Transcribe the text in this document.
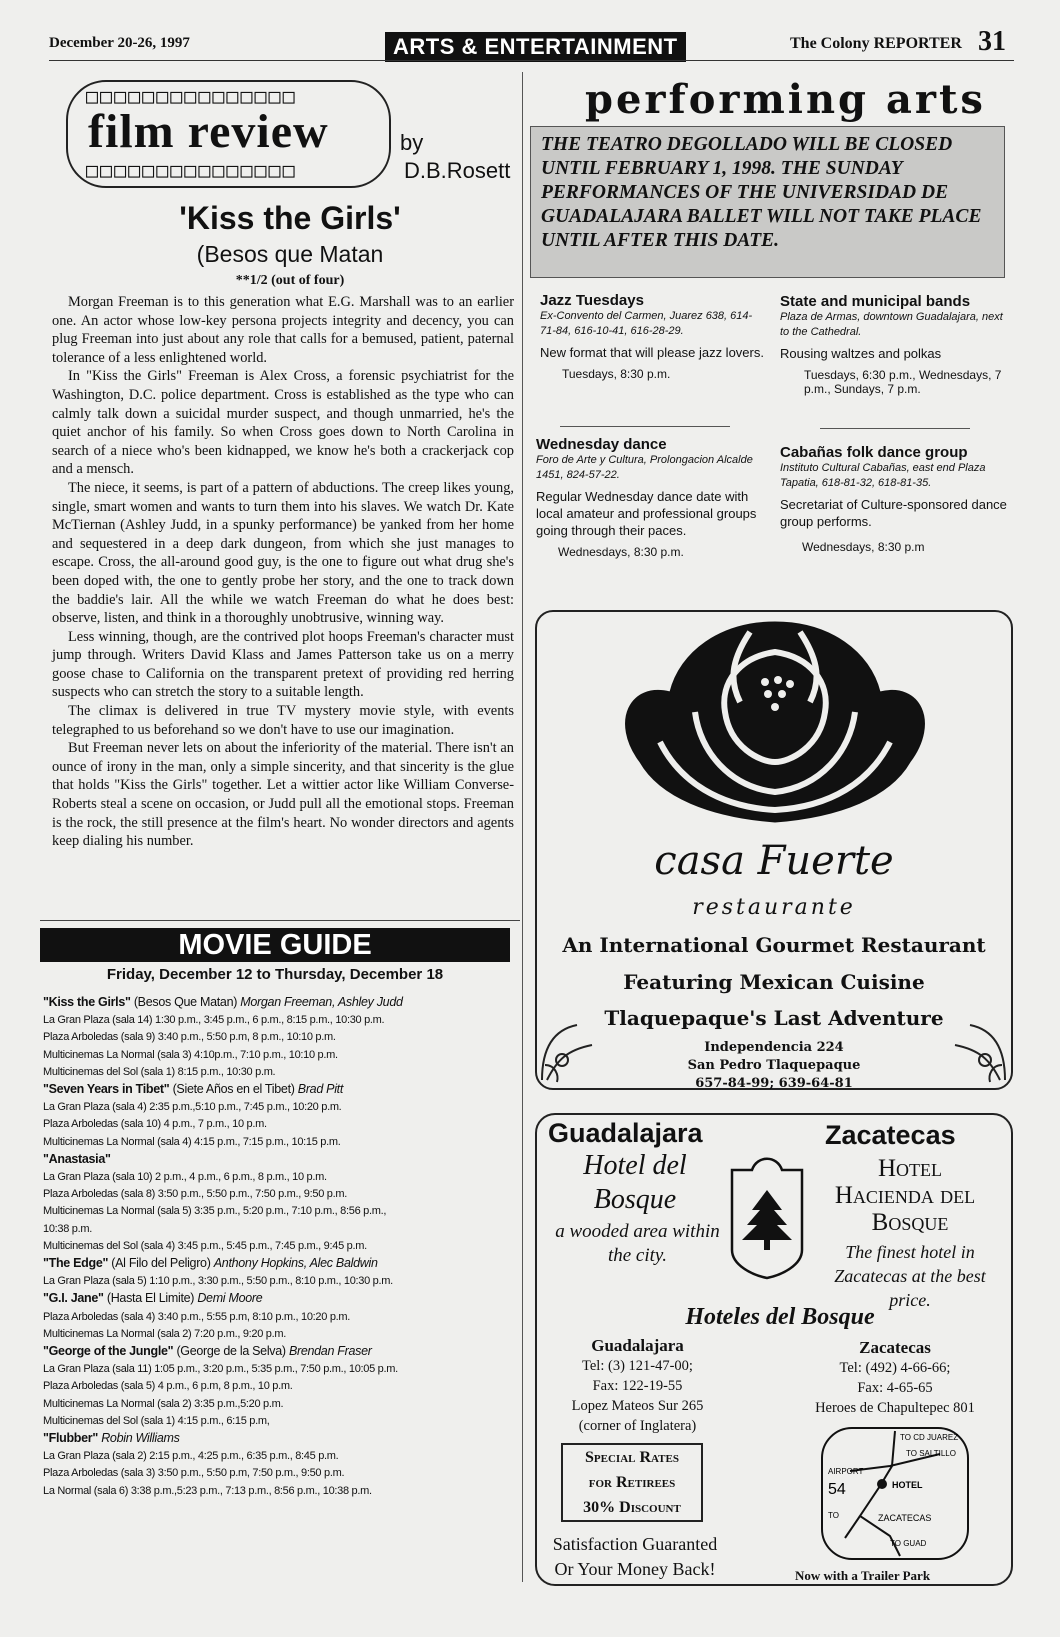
December 20-26, 1997	ARTS & ENTERTAINMENT	The Colony REPORTER 31
□□□□□□□□□□□□□□□
film review
□□□□□□□□□□□□□□□
by
D.B.Rosett
'Kiss the Girls'
(Besos que Matan
**1/2 (out of four)

Morgan Freeman is to this generation what E.G. Marshall was to an earlier one. An actor whose low-key persona projects integrity and decency, you can plug Freeman into just about any role that calls for a bemused, patient, paternal tolerance of a less enlightened world.

In "Kiss the Girls" Freeman is Alex Cross, a forensic psychiatrist for the Washington, D.C. police department. Cross is established as the type who can calmly talk down a suicidal murder suspect, and though unmarried, he's the quiet anchor of his family. So when Cross goes down to North Carolina in search of a niece who's been kidnapped, we know he's both a crackerjack cop and a mensch.

The niece, it seems, is part of a pattern of abductions. The creep likes young, single, smart women and wants to turn them into his slaves. We watch Dr. Kate McTiernan (Ashley Judd, in a spunky performance) be yanked from her home and sequestered in a deep dark dungeon, from which she just manages to escape. Cross, the all-around good guy, is the one to figure out what drug she's been doped with, the one to gently probe her story, and the one to track down the baddie's lair. All the while we watch Freeman do what he does best: observe, listen, and think in a thoroughly unobtrusive, winning way.

Less winning, though, are the contrived plot hoops Freeman's character must jump through. Writers David Klass and James Patterson take us on a merry goose chase to California on the transparent pretext of providing red herring suspects who can stretch the story to a suitable length.

The climax is delivered in true TV mystery movie style, with events telegraphed to us beforehand so we don't have to use our imagination.

But Freeman never lets on about the inferiority of the material. There isn't an ounce of irony in the man, only a simple sincerity, and that sincerity is the glue that holds "Kiss the Girls" together. Let a wittier actor like William Converse-Roberts steal a scene on occasion, or Judd pull all the emotional stops. Freeman is the rock, the still presence at the film's heart. No wonder directors and agents keep dialing his number.

MOVIE GUIDE
Friday, December 12 to Thursday, December 18
"Kiss the Girls" (Besos Que Matan) Morgan Freeman, Ashley Judd
La Gran Plaza (sala 14) 1:30 p.m., 3:45 p.m., 6 p.m., 8:15 p.m., 10:30 p.m.
Plaza Arboledas (sala 9) 3:40 p.m., 5:50 p.m, 8 p.m., 10:10 p.m.
Multicinemas La Normal (sala 3) 4:10p.m., 7:10 p.m., 10:10 p.m.
Multicinemas del Sol (sala 1) 8:15 p.m., 10:30 p.m.
"Seven Years in Tibet" (Siete Años en el Tibet) Brad Pitt
La Gran Plaza (sala 4) 2:35 p.m.,5:10 p.m., 7:45 p.m., 10:20 p.m.
Plaza Arboledas (sala 10) 4 p.m., 7 p.m., 10 p.m.
Multicinemas La Normal (sala 4) 4:15 p.m., 7:15 p.m., 10:15 p.m.
"Anastasia"
La Gran Plaza (sala 10) 2 p.m., 4 p.m., 6 p.m., 8 p.m., 10 p.m.
Plaza Arboledas (sala 8) 3:50 p.m., 5:50 p.m., 7:50 p.m., 9:50 p.m.
Multicinemas La Normal (sala 5) 3:35 p.m., 5:20 p.m., 7:10 p.m., 8:56 p.m.,
10:38 p.m.
Multicinemas del Sol (sala 4) 3:45 p.m., 5:45 p.m., 7:45 p.m., 9:45 p.m.
"The Edge" (Al Filo del Peligro) Anthony Hopkins, Alec Baldwin
La Gran Plaza (sala 5) 1:10 p.m., 3:30 p.m., 5:50 p.m., 8:10 p.m., 10:30 p.m.
"G.I. Jane" (Hasta El Limite) Demi Moore
Plaza Arboledas (sala 4) 3:40 p.m., 5:55 p.m, 8:10 p.m., 10:20 p.m.
Multicinemas La Normal (sala 2) 7:20 p.m., 9:20 p.m.
"George of the Jungle" (George de la Selva) Brendan Fraser
La Gran Plaza (sala 11) 1:05 p.m., 3:20 p.m., 5:35 p.m., 7:50 p.m., 10:05 p.m.
Plaza Arboledas (sala 5) 4 p.m., 6 p.m, 8 p.m., 10 p.m.
Multicinemas La Normal (sala 2) 3:35 p.m.,5:20 p.m.
Multicinemas del Sol (sala 1) 4:15 p.m., 6:15 p.m,
"Flubber" Robin Williams
La Gran Plaza (sala 2) 2:15 p.m., 4:25 p.m., 6:35 p.m., 8:45 p.m.
Plaza Arboledas (sala 3) 3:50 p.m., 5:50 p.m, 7:50 p.m., 9:50 p.m.
La Normal (sala 6) 3:38 p.m.,5:23 p.m., 7:13 p.m., 8:56 p.m., 10:38 p.m.
performing arts
THE TEATRO DEGOLLADO WILL BE CLOSED UNTIL FEBRUARY 1, 1998. THE SUNDAY PERFORMANCES OF THE UNIVERSIDAD DE GUADALAJARA BALLET WILL NOT TAKE PLACE UNTIL AFTER THIS DATE.
Jazz Tuesdays
Ex-Convento del Carmen, Juarez 638, 614-71-84, 616-10-41, 616-28-29.
New format that will please jazz lovers.
Tuesdays, 8:30 p.m.
State and municipal bands
Plaza de Armas, downtown Guadalajara, next to the Cathedral.
Rousing waltzes and polkas
Tuesdays, 6:30 p.m., Wednesdays, 7 p.m., Sundays, 7 p.m.
Wednesday dance
Foro de Arte y Cultura, Prolongacion Alcalde 1451, 824-57-22.
Regular Wednesday dance date with local amateur and professional groups going through their paces.
Wednesdays, 8:30 p.m.
Cabañas folk dance group
Instituto Cultural Cabañas, east end Plaza Tapatia, 618-81-32, 618-81-35.
Secretariat of Culture-sponsored dance group performs.
Wednesdays, 8:30 p.m
casa Fuerte
restaurante
An International Gourmet Restaurant
Featuring Mexican Cuisine
Tlaquepaque's Last Adventure
Independencia 224
San Pedro Tlaquepaque
657-84-99; 639-64-81
Guadalajara
Hotel del
Bosque
a wooded area within the city.
Zacatecas
Hotel
Hacienda del
Bosque
The finest hotel in Zacatecas at the best price.
Hoteles del Bosque
Guadalajara
Tel: (3) 121-47-00;
Fax: 122-19-55
Lopez Mateos Sur 265
(corner of Inglatera)
Special Rates
for Retirees
30% Discount
Satisfaction Guaranted
Or Your Money Back!
Zacatecas
Tel: (492) 4-66-66;
Fax: 4-65-65
Heroes de Chapultepec 801
TO CD JUAREZ
TO SALTILLO
AIRPORT
54	HOTEL
TO	ZACATECAS
TO GUAD
Now with a Trailer Park
